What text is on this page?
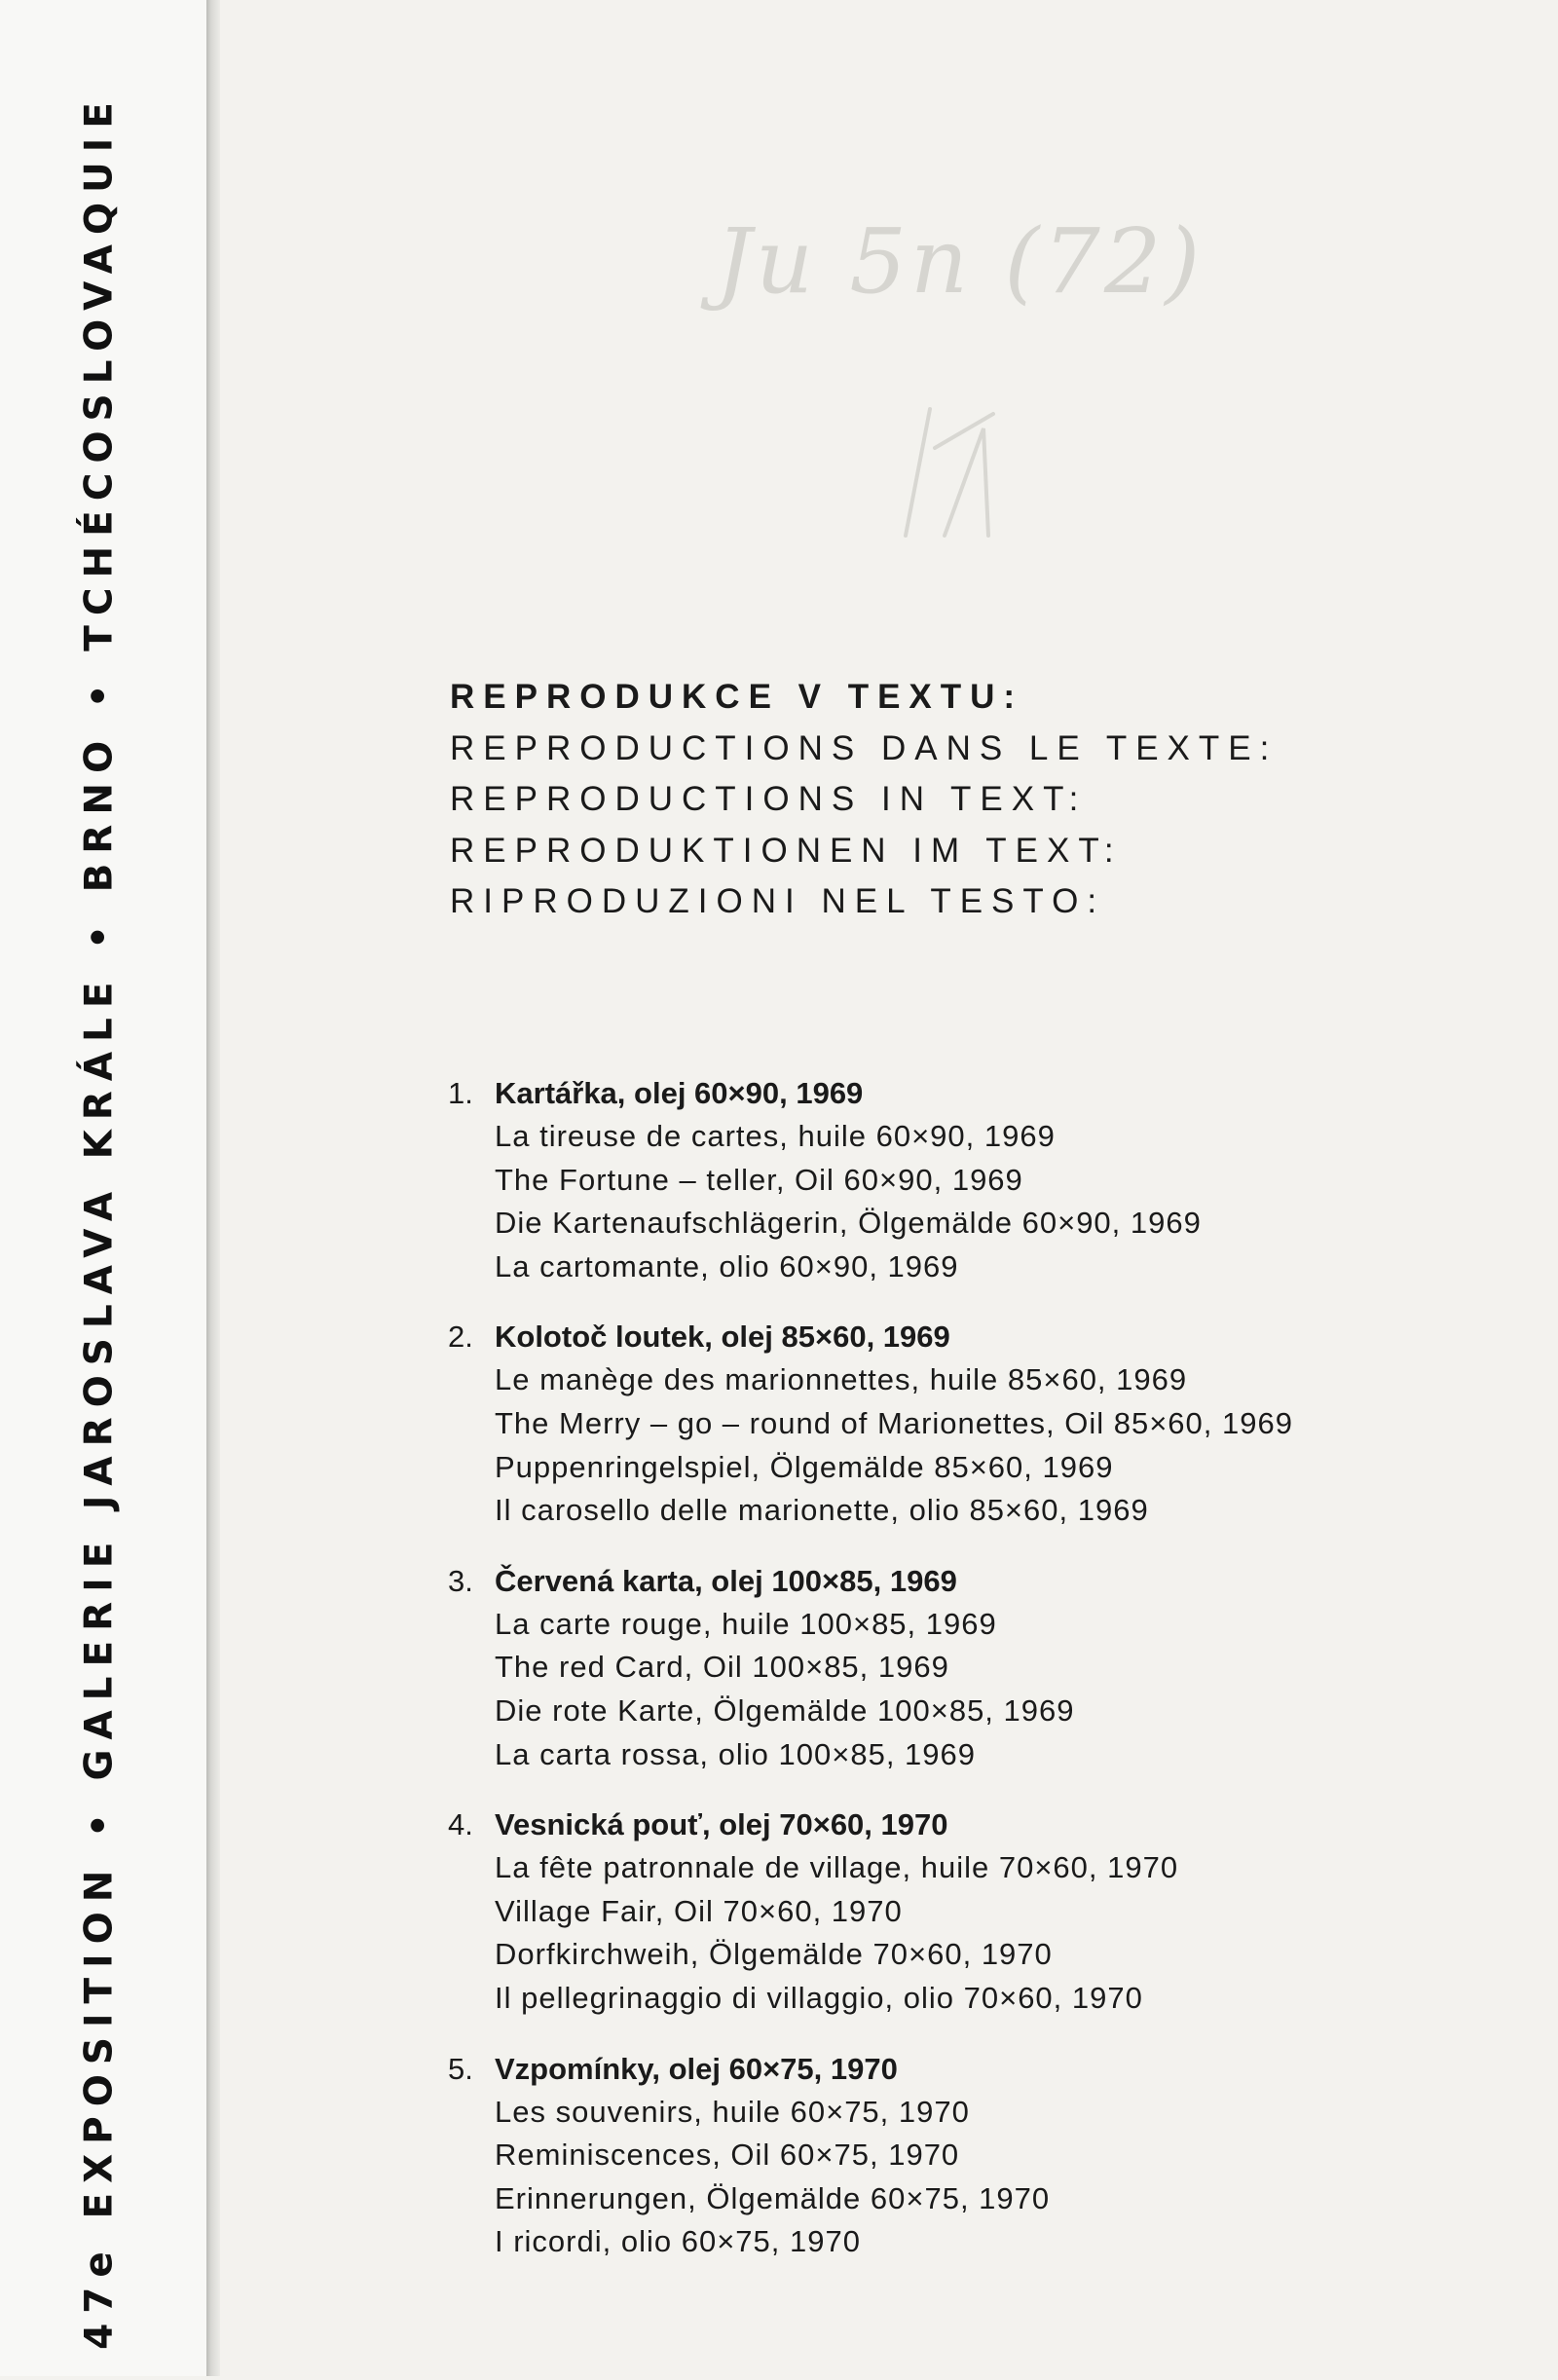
47e EXPOSITION • GALERIE JAROSLAVA KRÁLE • BRNO • TCHÉCOSLOVAQUIE	Ju 5n (72)
REPRODUKCE V TEXTU:
REPRODUCTIONS DANS LE TEXTE:
REPRODUCTIONS IN TEXT:
REPRODUKTIONEN IM TEXT:
RIPRODUZIONI NEL TESTO:
1. Kartářka, olej 60×90, 1969
La tireuse de cartes, huile 60×90, 1969
The Fortune – teller, Oil 60×90, 1969
Die Kartenaufschlägerin, Ölgemälde 60×90, 1969
La cartomante, olio 60×90, 1969
2. Kolotoč loutek, olej 85×60, 1969
Le manège des marionnettes, huile 85×60, 1969
The Merry – go – round of Marionettes, Oil 85×60, 1969
Puppenringelspiel, Ölgemälde 85×60, 1969
Il carosello delle marionette, olio 85×60, 1969
3. Červená karta, olej 100×85, 1969
La carte rouge, huile 100×85, 1969
The red Card, Oil 100×85, 1969
Die rote Karte, Ölgemälde 100×85, 1969
La carta rossa, olio 100×85, 1969
4. Vesnická pouť, olej 70×60, 1970
La fête patronnale de village, huile 70×60, 1970
Village Fair, Oil 70×60, 1970
Dorfkirchweih, Ölgemälde 70×60, 1970
Il pellegrinaggio di villaggio, olio 70×60, 1970
5. Vzpomínky, olej 60×75, 1970
Les souvenirs, huile 60×75, 1970
Reminiscences, Oil 60×75, 1970
Erinnerungen, Ölgemälde 60×75, 1970
I ricordi, olio 60×75, 1970
